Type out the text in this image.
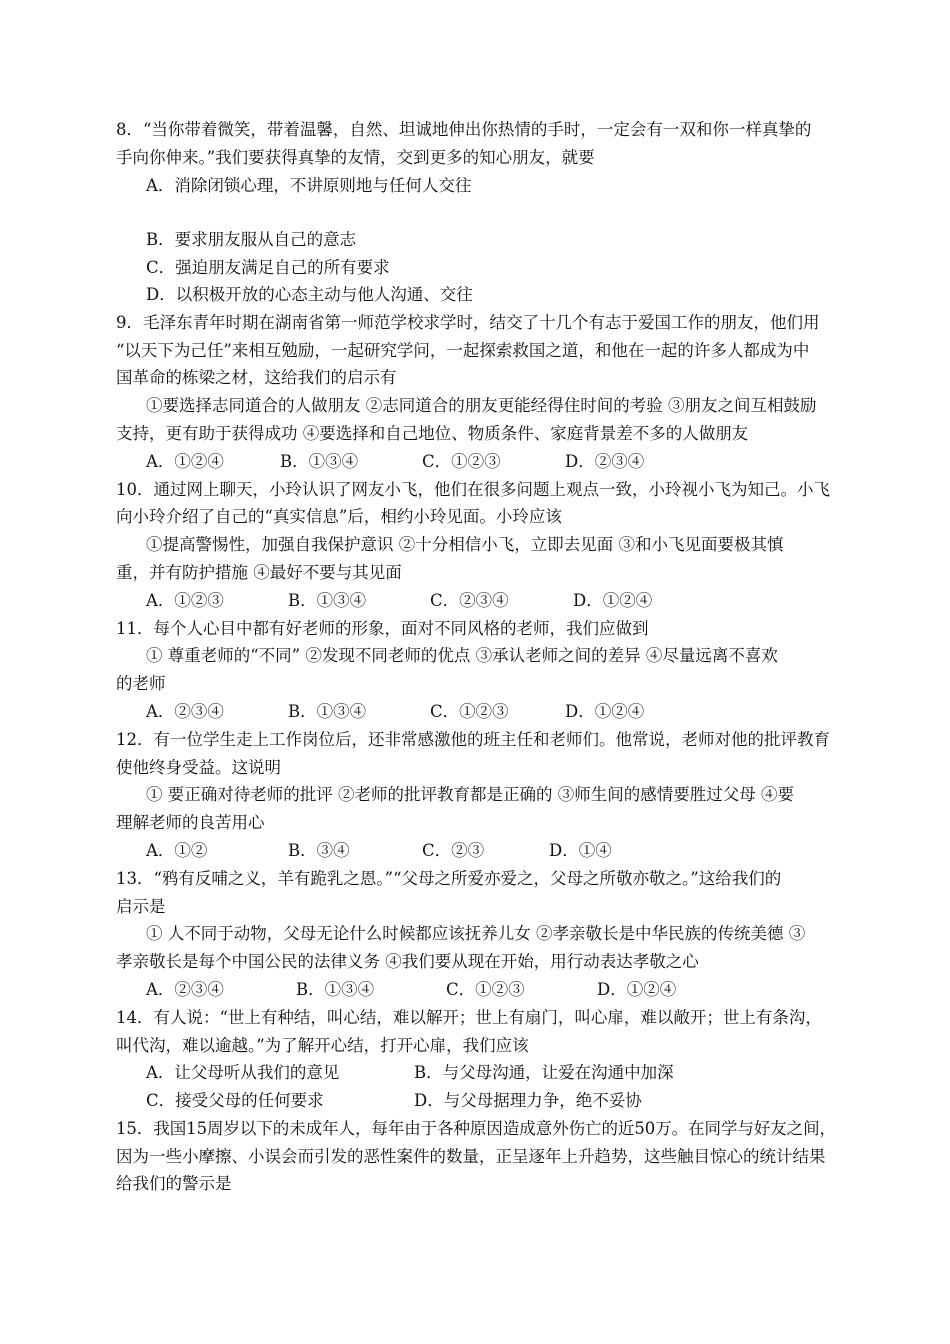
8．“当你带着微笑，带着温馨，自然、坦诚地伸出你热情的手时，一定会有一双和你一样真挚的
手向你伸来。”我们要获得真挚的友情，交到更多的知心朋友，就要
A．消除闭锁心理，不讲原则地与任何人交往
B．要求朋友服从自己的意志
C．强迫朋友满足自己的所有要求
D．以积极开放的心态主动与他人沟通、交往
9．毛泽东青年时期在湖南省第一师范学校求学时，结交了十几个有志于爱国工作的朋友，他们用
“以天下为己任”来相互勉励，一起研究学问，一起探索救国之道，和他在一起的许多人都成为中
国革命的栋梁之材，这给我们的启示有
①要选择志同道合的人做朋友 ②志同道合的朋友更能经得住时间的考验 ③朋友之间互相鼓励
支持，更有助于获得成功 ④要选择和自己地位、物质条件、家庭背景差不多的人做朋友
A．①②④	B．①③④	C．①②③	D．②③④
10．通过网上聊天，小玲认识了网友小飞，他们在很多问题上观点一致，小玲视小飞为知己。小飞
向小玲介绍了自己的“真实信息”后，相约小玲见面。小玲应该
①提高警惕性，加强自我保护意识 ②十分相信小飞，立即去见面 ③和小飞见面要极其慎
重，并有防护措施 ④最好不要与其见面
A．①②③	B．①③④	C．②③④	D．①②④
11．每个人心目中都有好老师的形象，面对不同风格的老师，我们应做到
① 尊重老师的“不同” ②发现不同老师的优点 ③承认老师之间的差异 ④尽量远离不喜欢
的老师
A．②③④	B．①③④	C．①②③	D．①②④
12．有一位学生走上工作岗位后，还非常感激他的班主任和老师们。他常说，老师对他的批评教育
使他终身受益。这说明
① 要正确对待老师的批评 ②老师的批评教育都是正确的 ③师生间的感情要胜过父母 ④要
理解老师的良苦用心
A．①②	B．③④	C．②③	D．①④
13．“鸦有反哺之义，羊有跪乳之恩。”“父母之所爱亦爱之，父母之所敬亦敬之。”这给我们的
启示是
① 人不同于动物，父母无论什么时候都应该抚养儿女 ②孝亲敬长是中华民族的传统美德 ③
孝亲敬长是每个中国公民的法律义务 ④我们要从现在开始，用行动表达孝敬之心
A．②③④	B．①③④	C．①②③	D．①②④
14．有人说：“世上有种结，叫心结，难以解开；世上有扇门，叫心扉，难以敞开；世上有条沟，
叫代沟，难以逾越。”为了解开心结，打开心扉，我们应该
A．让父母听从我们的意见	B．与父母沟通，让爱在沟通中加深
C．接受父母的任何要求	D．与父母据理力争，绝不妥协
15．我国15周岁以下的未成年人，每年由于各种原因造成意外伤亡的近50万。在同学与好友之间，
因为一些小摩擦、小误会而引发的恶性案件的数量，正呈逐年上升趋势，这些触目惊心的统计结果
给我们的警示是
